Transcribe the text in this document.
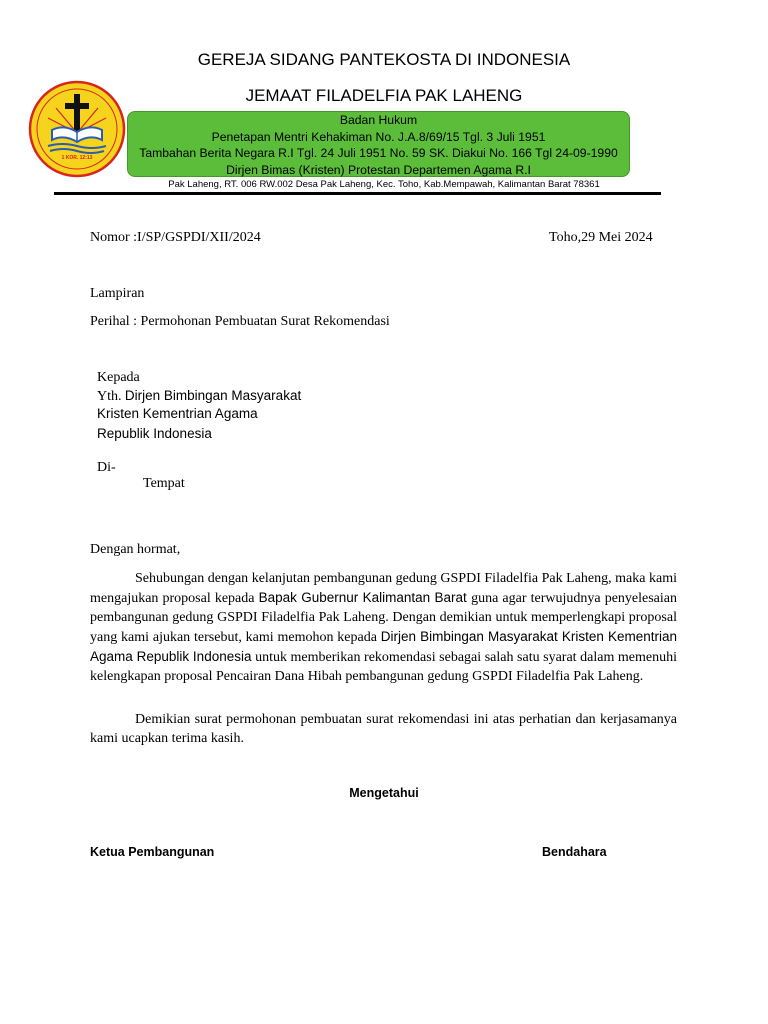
GEREJA SIDANG PANTEKOSTA DI INDONESIA
JEMAAT FILADELFIA PAK LAHENG
1 KOR. 12:13
Badan Hukum
Penetapan Mentri Kehakiman No. J.A.8/69/15 Tgl. 3 Juli 1951
Tambahan Berita Negara R.I Tgl. 24 Juli 1951 No. 59 SK. Diakui No. 166 Tgl 24-09-1990
Dirjen Bimas (Kristen) Protestan Departemen Agama R.I
Pak Laheng, RT. 006 RW.002 Desa Pak Laheng, Kec. Toho, Kab.Mempawah, Kalimantan Barat 78361
Nomor :I/SP/GSPDI/XII/2024	Toho,29 Mei 2024
Lampiran
Perihal : Permohonan Pembuatan Surat Rekomendasi
Kepada
Yth. Dirjen Bimbingan Masyarakat
Kristen Kementrian Agama
Republik Indonesia
Di-
Tempat
Dengan hormat,
Sehubungan dengan kelanjutan pembangunan gedung GSPDI Filadelfia Pak Laheng, maka kami mengajukan proposal kepada Bapak Gubernur Kalimantan Barat guna agar terwujudnya penyelesaian pembangunan gedung GSPDI Filadelfia Pak Laheng. Dengan demikian untuk memperlengkapi proposal yang kami ajukan tersebut, kami memohon kepada Dirjen Bimbingan Masyarakat Kristen Kementrian Agama Republik Indonesia untuk memberikan rekomendasi sebagai salah satu syarat dalam memenuhi kelengkapan proposal Pencairan Dana Hibah pembangunan gedung GSPDI Filadelfia Pak Laheng.
Demikian surat permohonan pembuatan surat rekomendasi ini atas perhatian dan kerjasamanya kami ucapkan terima kasih.
Mengetahui
Ketua Pembangunan	Bendahara
